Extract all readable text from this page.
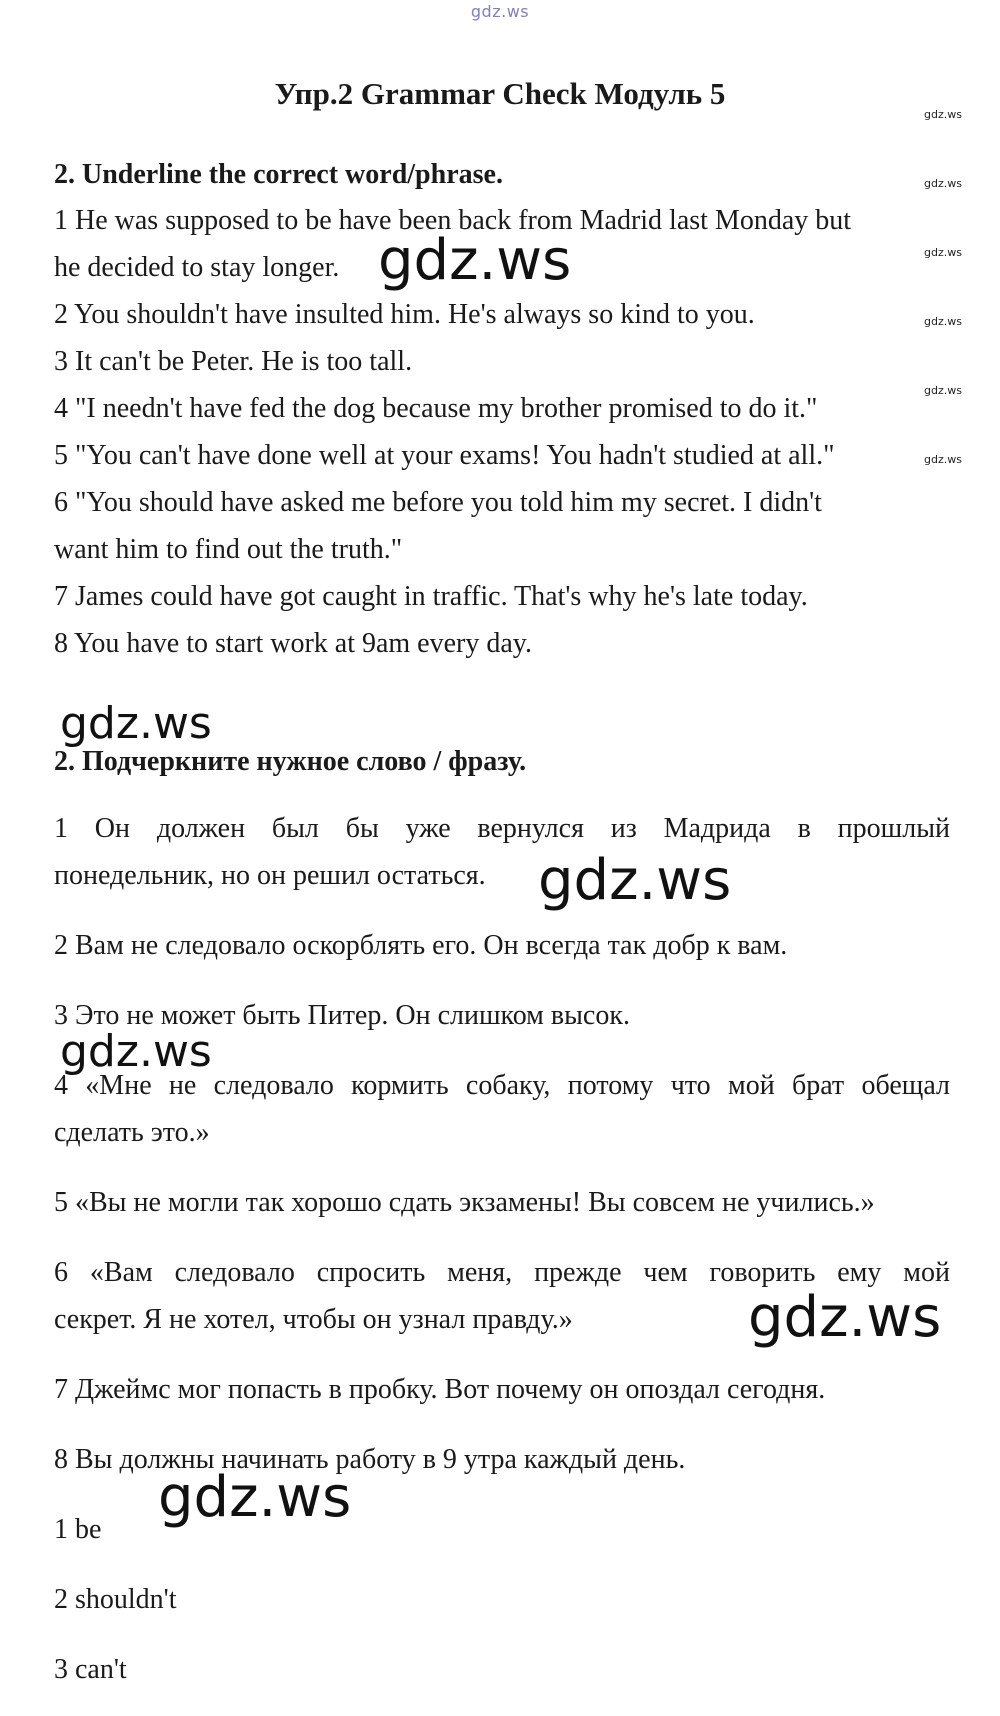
gdz.ws
Упр.2 Grammar Check Модуль 5
gdz.ws
gdz.ws
gdz.ws
gdz.ws
gdz.ws
gdz.ws

2. Underline the correct word/phrase.

1 He was supposed to be have been back from Madrid last Monday but

he decided to stay longer.

2 You shouldn't have insulted him. He's always so kind to you.

3 It can't be Peter. He is too tall.

4 "I needn't have fed the dog because my brother promised to do it."

5 "You can't have done well at your exams! You hadn't studied at all."

6 "You should have asked me before you told him my secret. I didn't

want him to find out the truth."

7 James could have got caught in traffic. That's why he's late today.

8 You have to start work at 9am every day.

2. Подчеркните нужное слово / фразу.

1 Он должен был бы уже вернулся из Мадрида в прошлый

понедельник, но он решил остаться.

2 Вам не следовало оскорблять его. Он всегда так добр к вам.

3 Это не может быть Питер. Он слишком высок.

4 «Мне не следовало кормить собаку, потому что мой брат обещал

сделать это.»

5 «Вы не могли так хорошо сдать экзамены! Вы совсем не учились.»

6 «Вам следовало спросить меня, прежде чем говорить ему мой

секрет. Я не хотел, чтобы он узнал правду.»

7 Джеймс мог попасть в пробку. Вот почему он опоздал сегодня.

8 Вы должны начинать работу в 9 утра каждый день.

1 be

2 shouldn't

3 can't

gdz.ws
gdz.ws
gdz.ws
gdz.ws
gdz.ws
gdz.ws
